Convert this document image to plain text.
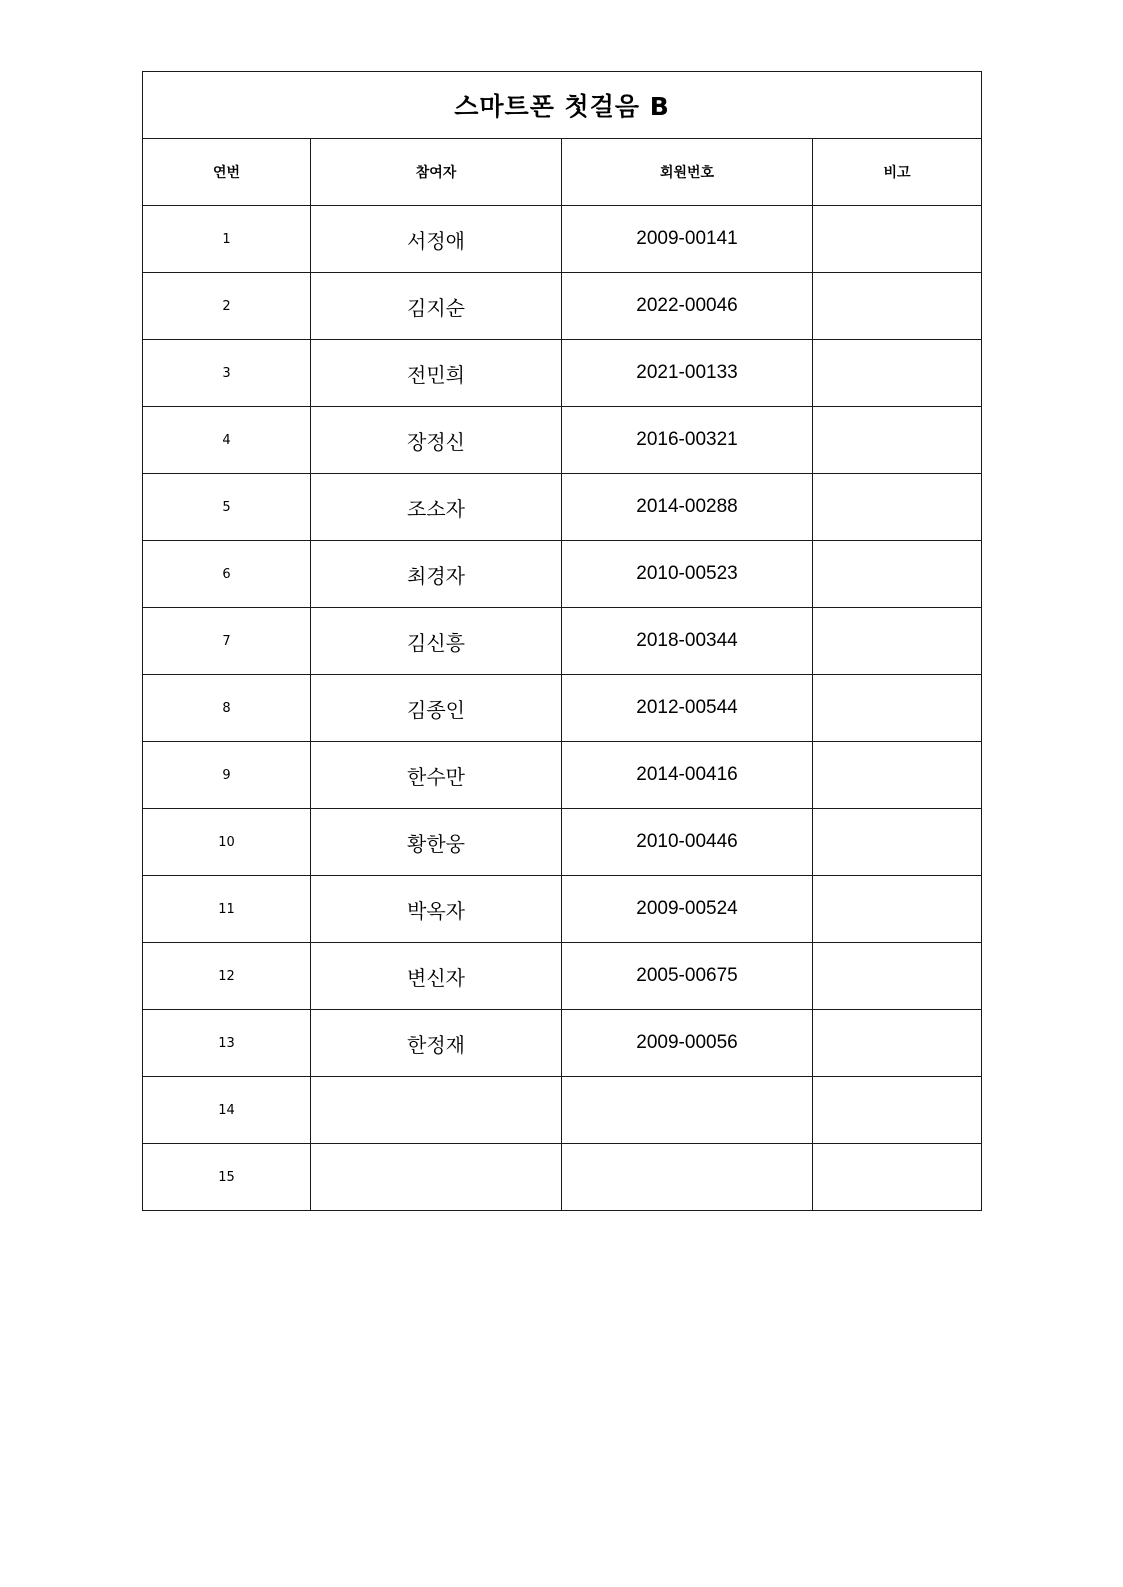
스마트폰 첫걸음 B			
연번	참여자	회원번호	비고
1	서정애	2009-00141	
2	김지순	2022-00046	
3	전민희	2021-00133	
4	장정신	2016-00321	
5	조소자	2014-00288	
6	최경자	2010-00523	
7	김신흥	2018-00344	
8	김종인	2012-00544	
9	한수만	2014-00416	
10	황한웅	2010-00446	
11	박옥자	2009-00524	
12	변신자	2005-00675	
13	한정재	2009-00056	
14			
15			
